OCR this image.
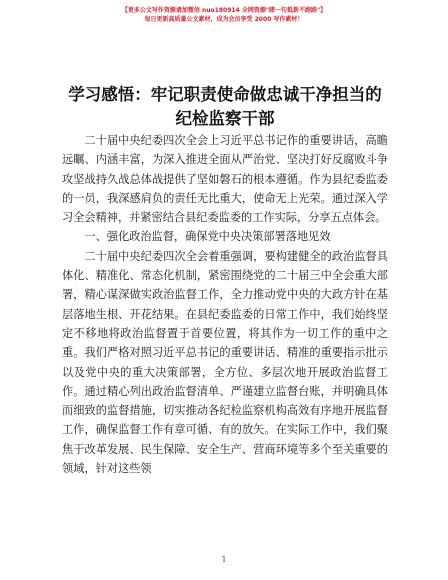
【更多公文写作资源请加微信 nuo180914 全网资源"睹一句抵新不跑路"】
每日更新高质量公文素材，成为会员享受 2000 写作素材！
学习感悟：牢记职责使命做忠诚干净担当的纪检监察干部

二十届中央纪委四次全会上习近平总书记作的重要讲话，高瞻远瞩、内涵丰富，为深入推进全面从严治党、坚决打好反腐败斗争攻坚战持久战总体战提供了坚如磐石的根本遵循。作为县纪委监委的一员，我深感肩负的责任无比重大，使命无上光荣。通过深入学习全会精神，并紧密结合县纪委监委的工作实际，分享五点体会。

一、强化政治监督，确保党中央决策部署落地见效

二十届中央纪委四次全会着重强调，要构建健全的政治监督具体化、精准化、常态化机制，紧密围绕党的二十届三中全会重大部署，精心谋深做实政治监督工作，全力推动党中央的大政方针在基层落地生根、开花结果。在县纪委监委的日常工作中，我们始终坚定不移地将政治监督置于首要位置，将其作为一切工作的重中之重。我们严格对照习近平总书记的重要讲话、精准的重要指示批示以及党中央的重大决策部署，全方位、多层次地开展政治监督工作。通过精心列出政治监督清单、严谨建立监督台账，并明确具体而细致的监督措施，切实推动各纪检监察机构高效有序地开展监督工作，确保监督工作有章可循、有的放矢。在实际工作中，我们聚焦于改革发展、民生保障、安全生产、营商环境等多个至关重要的领域，针对这些领

1
